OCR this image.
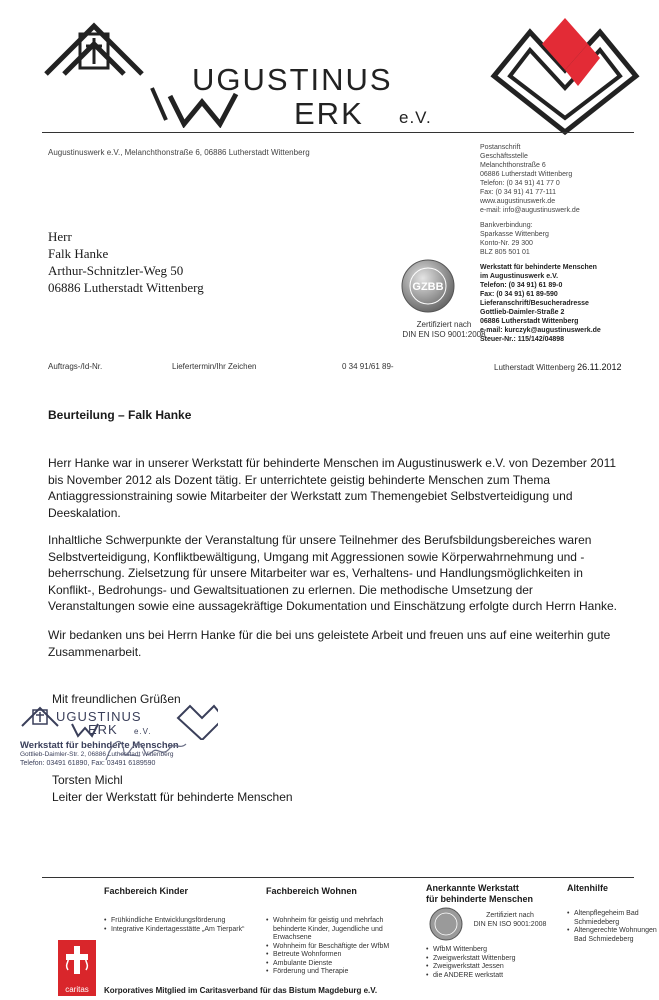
UGUSTINUS
ERK e.V.
Augustinuswerk e.V., Melanchthonstraße 6, 06886 Lutherstadt Wittenberg
Postanschrift
Geschäftsstelle
Melanchthonstraße 6
06886 Lutherstadt Wittenberg
Telefon: (0 34 91) 41 77 0
Fax: (0 34 91) 41 77-111
www.augustinuswerk.de
e-mail: info@augustinuswerk.de
Bankverbindung:
Sparkasse Wittenberg
Konto-Nr. 29 300
BLZ 805 501 01
Werkstatt für behinderte Menschen
im Augustinuswerk e.V.
Telefon: (0 34 91) 61 89-0
Fax: (0 34 91) 61 89-590
Lieferanschrift/Besucheradresse
Gottlieb-Daimler-Straße 2
06886 Lutherstadt Wittenberg
e-mail: kurczyk@augustinuswerk.de
Steuer-Nr.: 115/142/04898
Herr
Falk Hanke
Arthur-Schnitzler-Weg 50
06886 Lutherstadt Wittenberg	GZBB
Zertifiziert nach
DIN EN ISO 9001:2008
Auftrags-/Id-Nr.	Liefertermin/Ihr Zeichen	0 34 91/61 89-	Lutherstadt Wittenberg 26.11.2012
Beurteilung – Falk Hanke

Herr Hanke war in unserer Werkstatt für behinderte Menschen im Augustinuswerk e.V. von Dezember 2011 bis November 2012 als Dozent tätig. Er unterrichtete geistig behinderte Menschen zum Thema Antiaggressionstraining sowie Mitarbeiter der Werkstatt zum Themengebiet Selbstverteidigung und Deeskalation.

Inhaltliche Schwerpunkte der Veranstaltung für unsere Teilnehmer des Berufsbildungsbereiches waren Selbstverteidigung, Konfliktbewältigung, Umgang mit Aggressionen sowie Körperwahrnehmung und -beherrschung. Zielsetzung für unsere Mitarbeiter war es, Verhaltens- und Handlungsmöglichkeiten in Konflikt-, Bedrohungs- und Gewaltsituationen zu erlernen. Die methodische Umsetzung der Veranstaltungen sowie eine aussagekräftige Dokumentation und Einschätzung erfolgte durch Herrn Hanke.

Wir bedanken uns bei Herrn Hanke für die bei uns geleistete Arbeit und freuen uns auf eine weiterhin gute Zusammenarbeit.

Mit freundlichen Grüßen
UGUSTINUS
ERK e.V.
Werkstatt für behinderte Menschen
Gottlieb-Daimler-Str. 2, 06886 Lutherstadt Wittenberg
Telefon: 03491 61890, Fax: 03491 6189590
Torsten Michl
Leiter der Werkstatt für behinderte Menschen
Fachbereich Kinder
• Frühkindliche Entwicklungsförderung
• Integrative Kindertagesstätte „Am Tierpark“
Fachbereich Wohnen
• Wohnheim für geistig und mehrfach behinderte Kinder, Jugendliche und Erwachsene
• Wohnheim für Beschäftigte der WfbM
• Betreute Wohnformen
• Ambulante Dienste
• Förderung und Therapie
Anerkannte Werkstatt
für behinderte Menschen
Zertifiziert nach
DIN EN ISO 9001:2008
• WfbM Wittenberg
• Zweigwerkstatt Wittenberg
• Zweigwerkstatt Jessen
• die ANDERE werkstatt
Altenhilfe
• Altenpflegeheim Bad Schmiedeberg
• Altengerechte Wohnungen Bad Schmiedeberg
caritas	Korporatives Mitglied im Caritasverband für das Bistum Magdeburg e.V.
